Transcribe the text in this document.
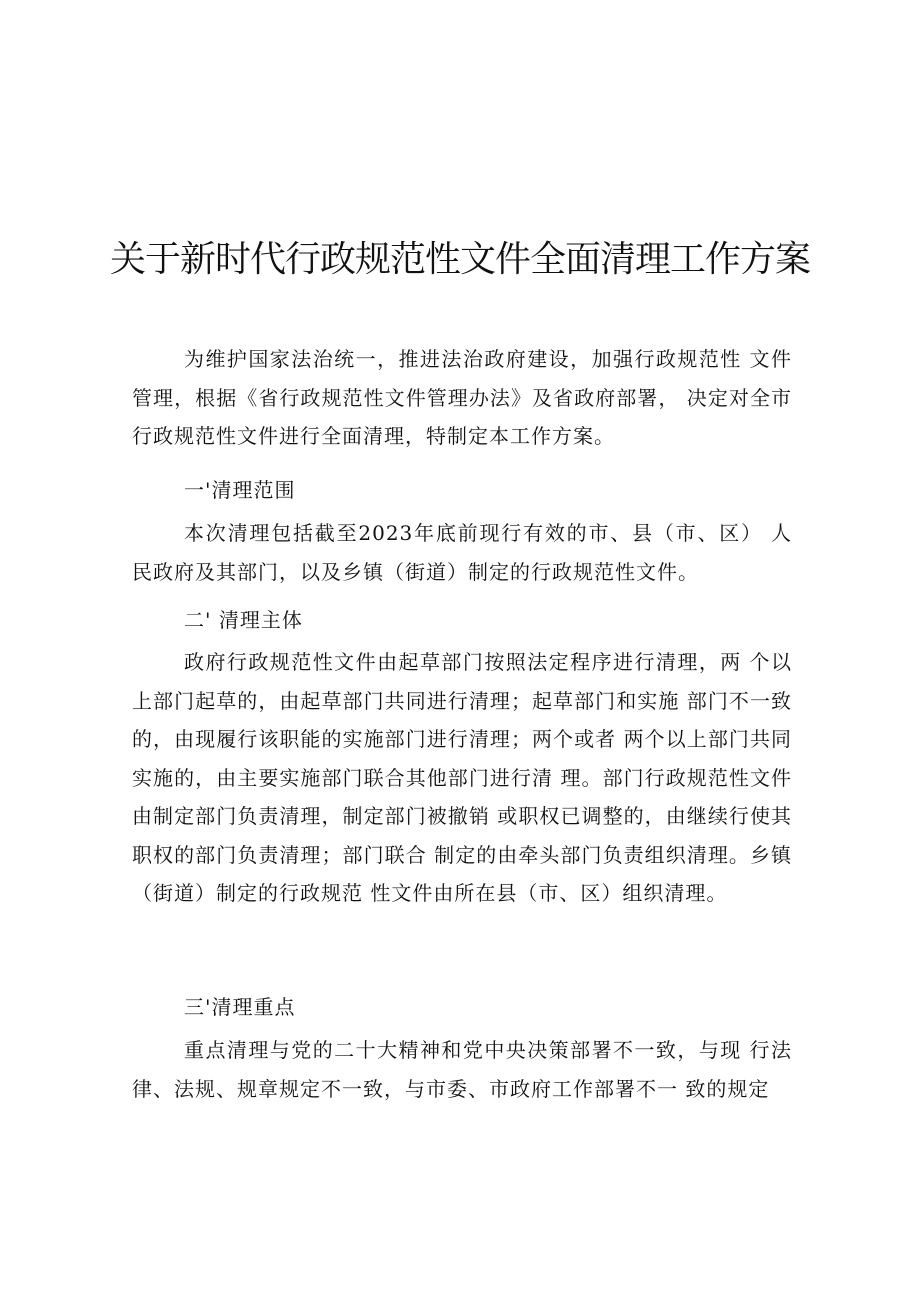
关于新时代行政规范性文件全面清理工作方案
为维护国家法治统一，推进法治政府建设，加强行政规范性 文件管理，根据《省行政规范性文件管理办法》及省政府部署， 决定对全市行政规范性文件进行全面清理，特制定本工作方案。
一'清理范围
本次清理包括截至2023年底前现行有效的市、县（市、区） 人民政府及其部门，以及乡镇（街道）制定的行政规范性文件。
二' 清理主体
政府行政规范性文件由起草部门按照法定程序进行清理，两 个以上部门起草的，由起草部门共同进行清理；起草部门和实施 部门不一致的，由现履行该职能的实施部门进行清理；两个或者 两个以上部门共同实施的，由主要实施部门联合其他部门进行清 理。部门行政规范性文件由制定部门负责清理，制定部门被撤销 或职权已调整的，由继续行使其职权的部门负责清理；部门联合 制定的由牵头部门负责组织清理。乡镇（街道）制定的行政规范 性文件由所在县（市、区）组织清理。
三'清理重点
重点清理与党的二十大精神和党中央决策部署不一致，与现 行法律、法规、规章规定不一致，与市委、市政府工作部署不一 致的规定
